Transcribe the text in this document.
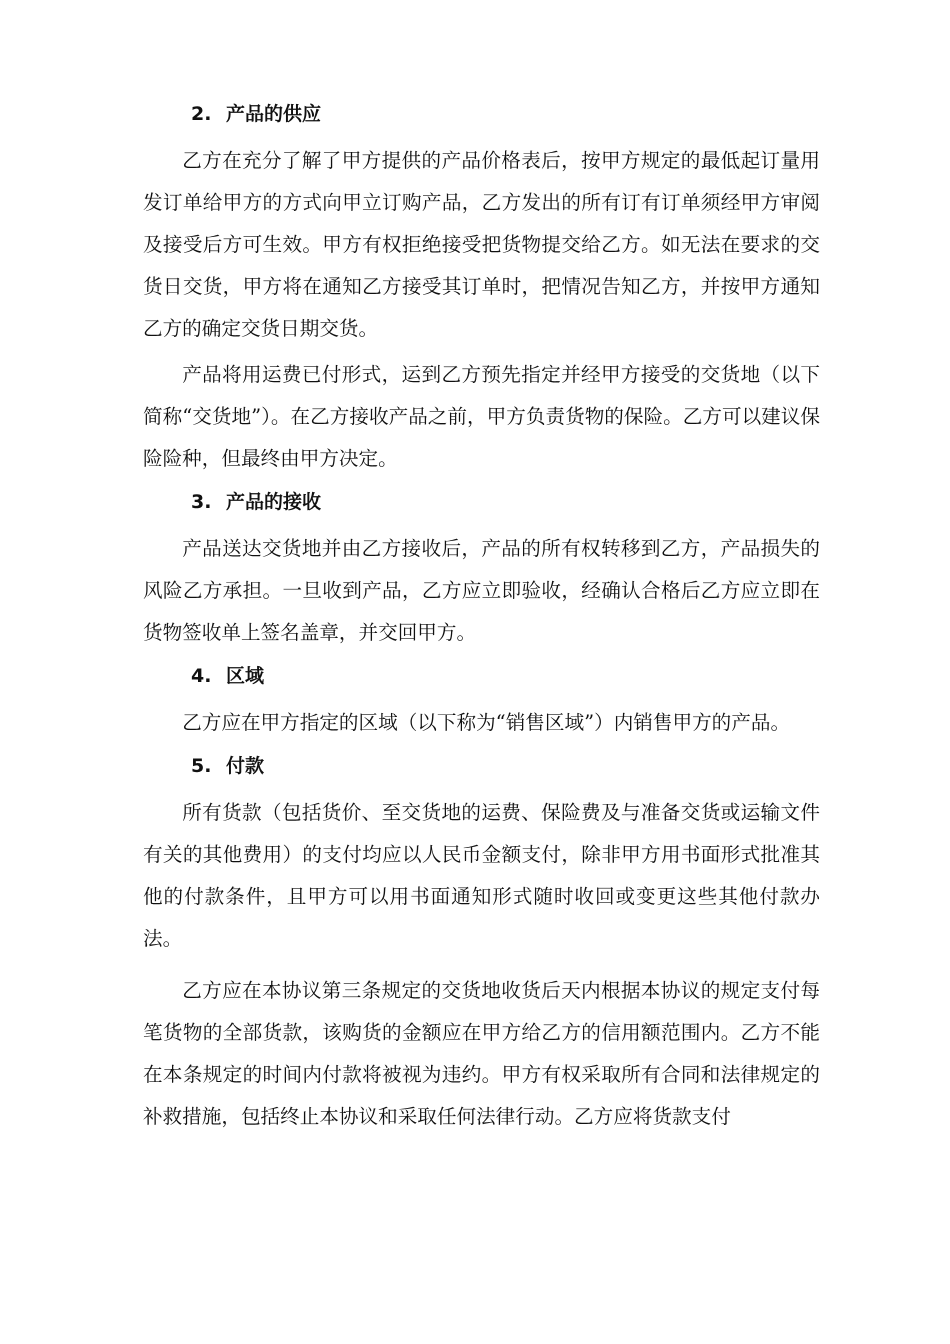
2. 产品的供应

乙方在充分了解了甲方提供的产品价格表后，按甲方规定的最低起订量用发订单给甲方的方式向甲立订购产品，乙方发出的所有订有订单须经甲方审阅及接受后方可生效。甲方有权拒绝接受把货物提交给乙方。如无法在要求的交货日交货，甲方将在通知乙方接受其订单时，把情况告知乙方，并按甲方通知乙方的确定交货日期交货。

产品将用运费已付形式，运到乙方预先指定并经甲方接受的交货地（以下简称“交货地”）。在乙方接收产品之前，甲方负责货物的保险。乙方可以建议保险险种，但最终由甲方决定。

3. 产品的接收

产品送达交货地并由乙方接收后，产品的所有权转移到乙方，产品损失的风险乙方承担。一旦收到产品，乙方应立即验收，经确认合格后乙方应立即在货物签收单上签名盖章，并交回甲方。

4. 区域

乙方应在甲方指定的区域（以下称为“销售区域”）内销售甲方的产品。

5. 付款

所有货款（包括货价、至交货地的运费、保险费及与准备交货或运输文件有关的其他费用）的支付均应以人民币金额支付，除非甲方用书面形式批准其他的付款条件，且甲方可以用书面通知形式随时收回或变更这些其他付款办法。

乙方应在本协议第三条规定的交货地收货后天内根据本协议的规定支付每笔货物的全部货款，该购货的金额应在甲方给乙方的信用额范围内。乙方不能在本条规定的时间内付款将被视为违约。甲方有权采取所有合同和法律规定的补救措施，包括终止本协议和采取任何法律行动。乙方应将货款支付
